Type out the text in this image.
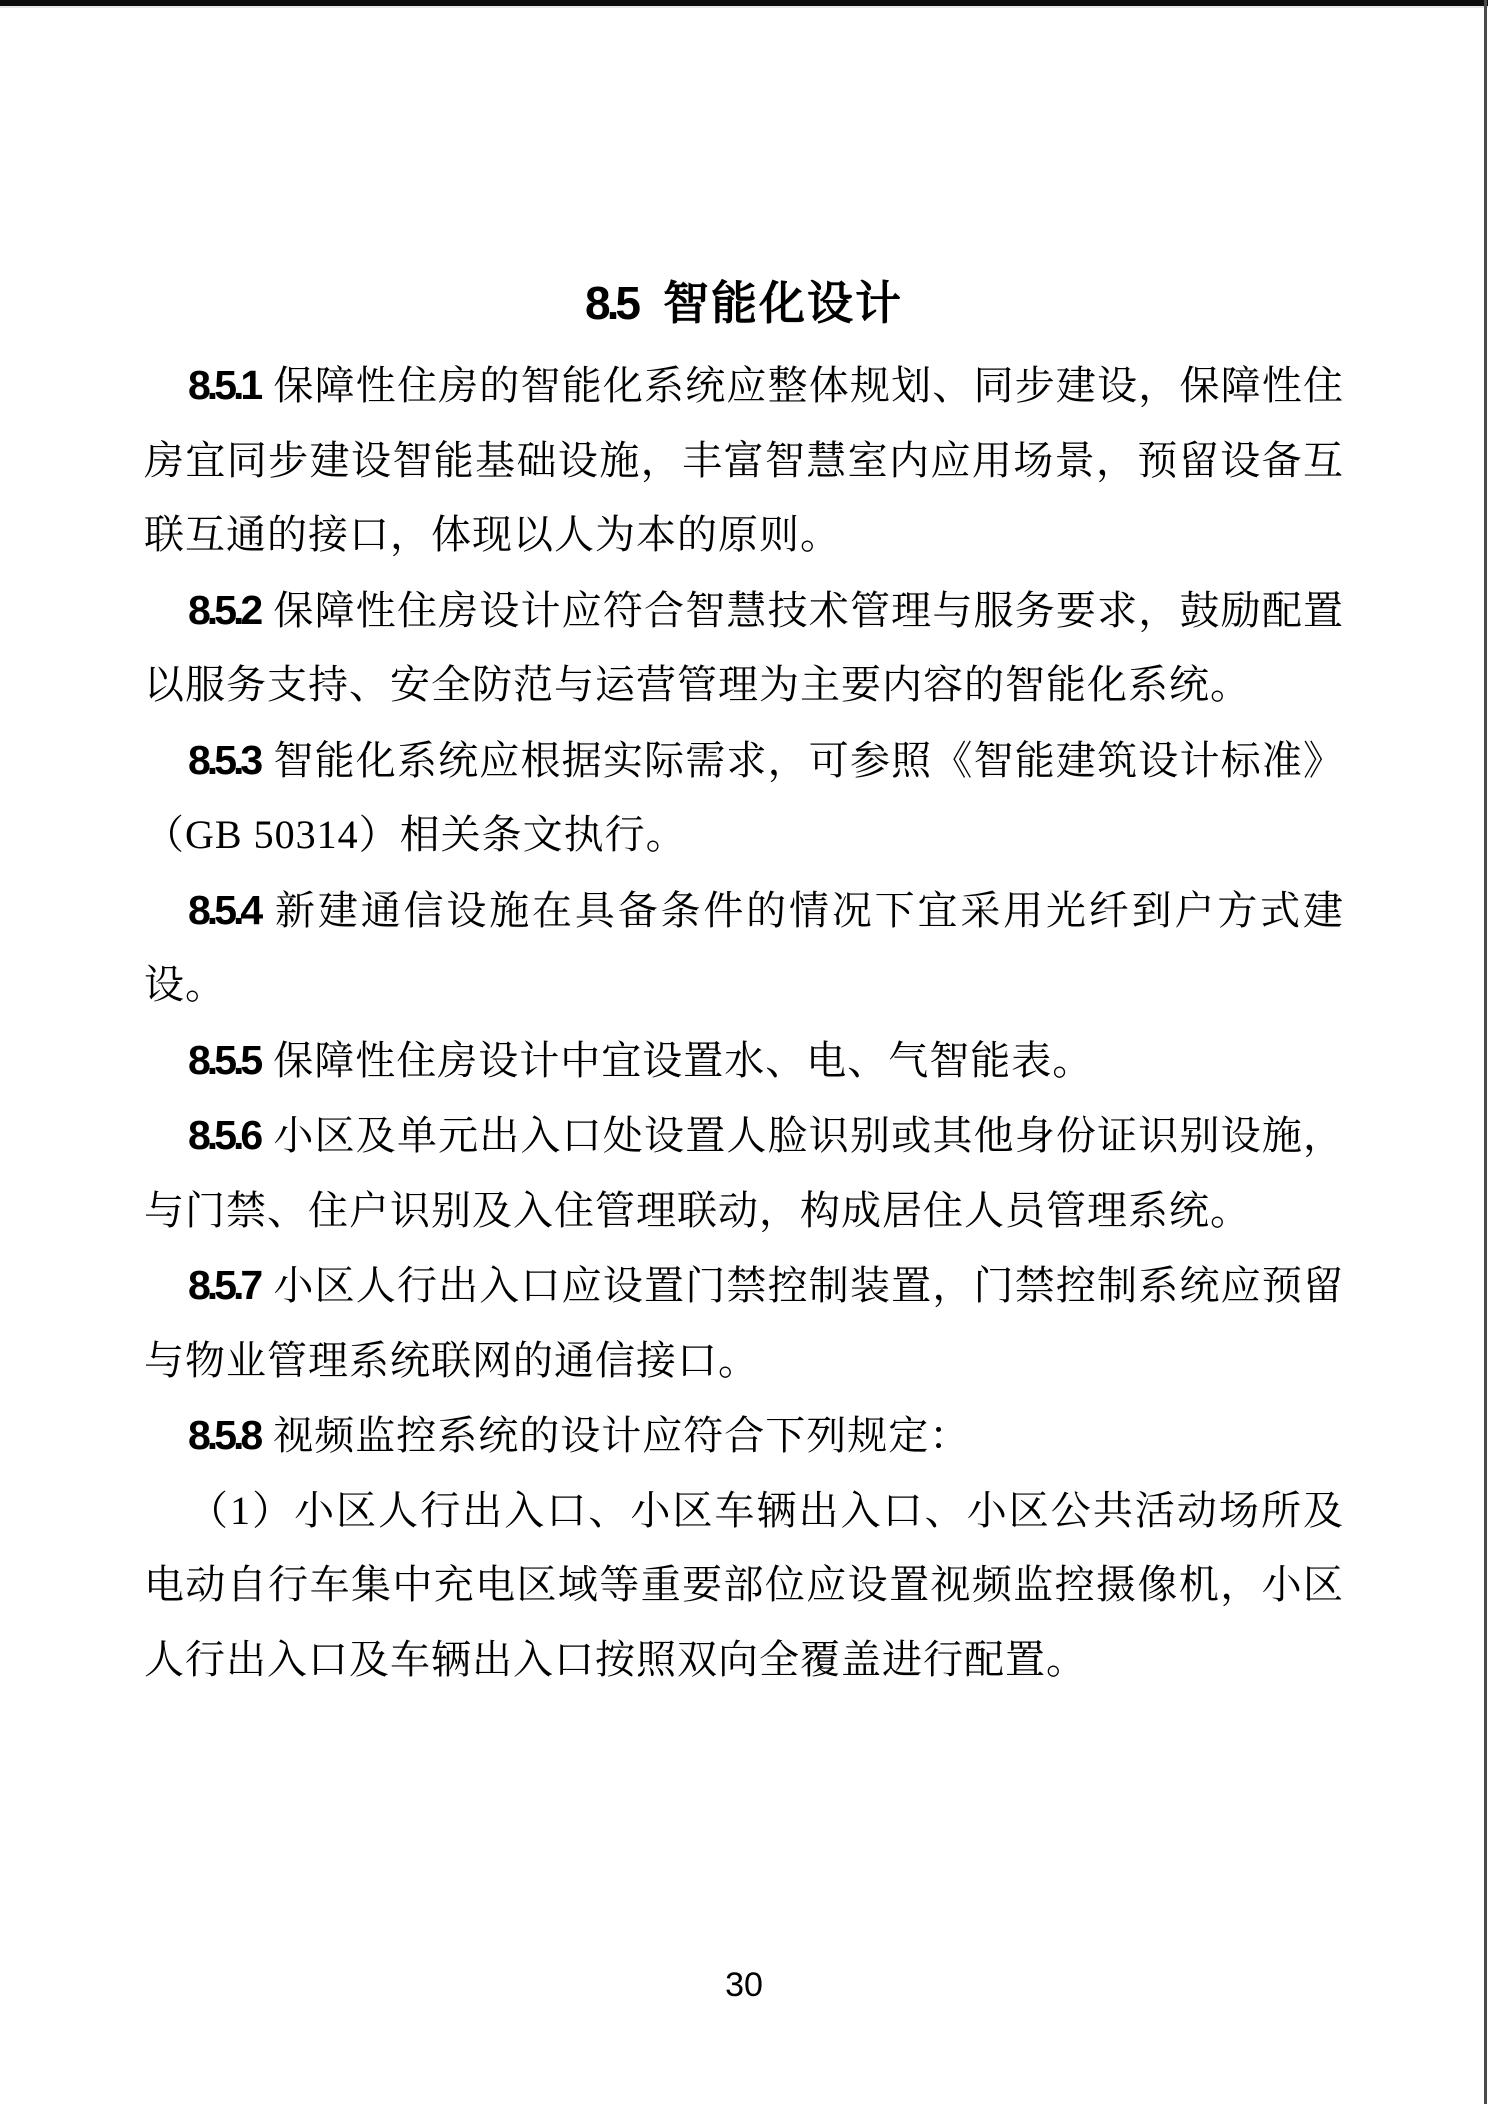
8.5 智能化设计

8.5.1 保障性住房的智能化系统应整体规划、同步建设，保障性住房宜同步建设智能基础设施，丰富智慧室内应用场景，预留设备互联互通的接口，体现以人为本的原则。

8.5.2 保障性住房设计应符合智慧技术管理与服务要求，鼓励配置以服务支持、安全防范与运营管理为主要内容的智能化系统。

8.5.3 智能化系统应根据实际需求，可参照《智能建筑设计标准》（GB 50314）相关条文执行。

8.5.4 新建通信设施在具备条件的情况下宜采用光纤到户方式建设。

8.5.5 保障性住房设计中宜设置水、电、气智能表。

8.5.6 小区及单元出入口处设置人脸识别或其他身份证识别设施，与门禁、住户识别及入住管理联动，构成居住人员管理系统。

8.5.7 小区人行出入口应设置门禁控制装置，门禁控制系统应预留与物业管理系统联网的通信接口。

8.5.8 视频监控系统的设计应符合下列规定：

（1）小区人行出入口、小区车辆出入口、小区公共活动场所及电动自行车集中充电区域等重要部位应设置视频监控摄像机，小区人行出入口及车辆出入口按照双向全覆盖进行配置。

30
